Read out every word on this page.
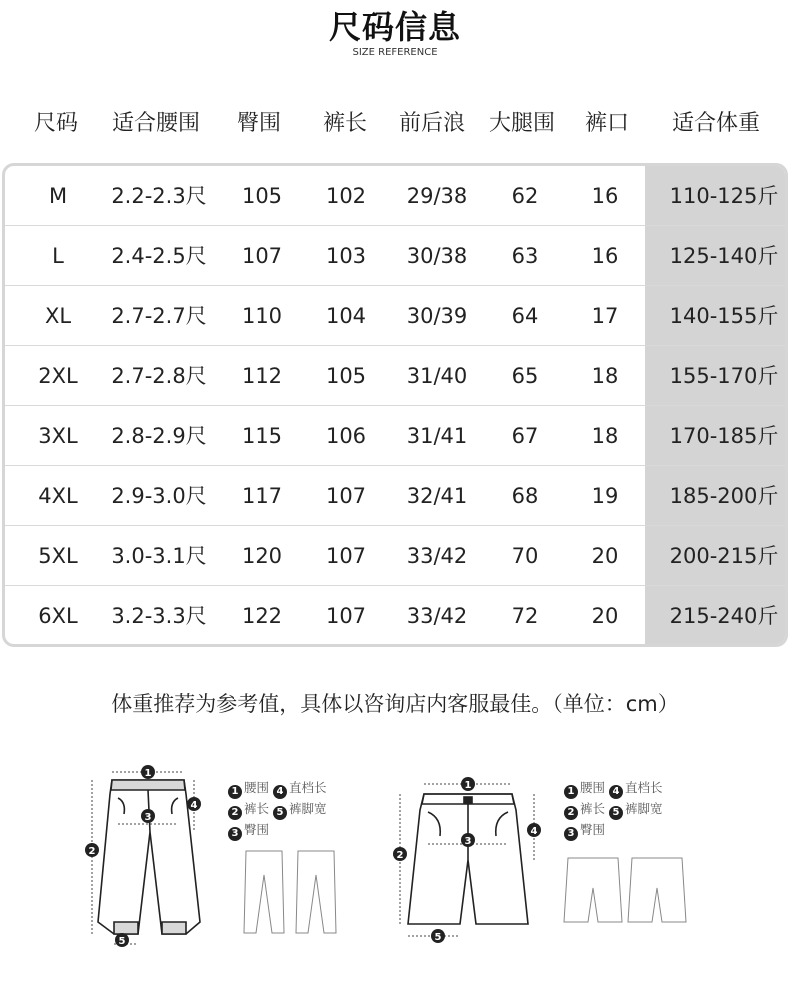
尺码信息
SIZE REFERENCE
尺码 适合腰围 臀围 裤长 前后浪 大腿围 裤口 适合体重
M 2.2-2.3尺 105 102 29/38 62	16 110-125斤
L 2.4-2.5尺 107 103 30/38 63	16 125-140斤
XL 2.7-2.7尺 110 104 30/39 64	17 140-155斤
2XL 2.7-2.8尺 112 105 31/40 65	18 155-170斤
3XL 2.8-2.9尺 115 106 31/41 67	18 170-185斤
4XL 2.9-3.0尺 117 107 32/41 68	19 185-200斤
5XL 3.0-3.1尺 120 107 33/42 70	20 200-215斤
6XL 3.2-3.3尺 122 107 33/42 72	20 215-240斤
体重推荐为参考值，具体以咨询店内客服最佳。（单位：cm）
1
2
3
4
5
1 腰围 4 直档长
2 裤长 5 裤脚宽
3 臀围
1
2
3
4
5
1 腰围 4 直档长
2 裤长 5 裤脚宽
3 臀围
